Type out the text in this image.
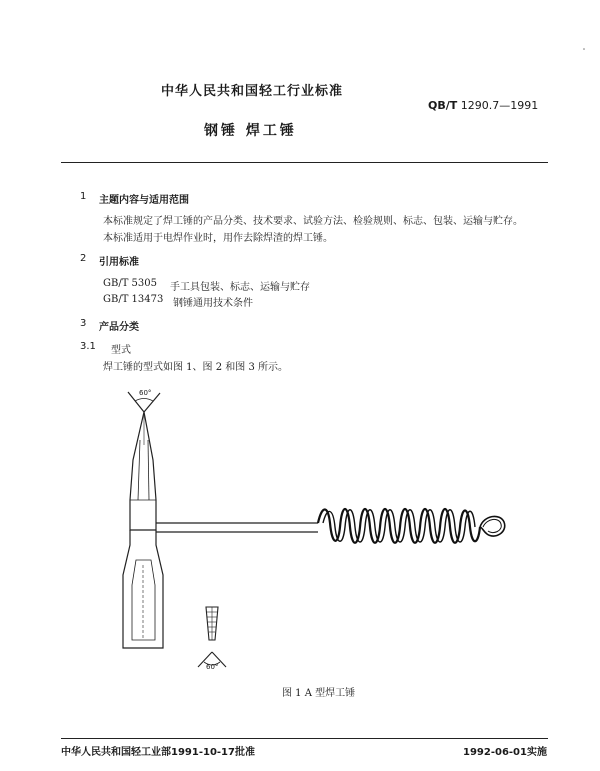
中华人民共和国轻工行业标准
QB/T 1290.7—1991
钢锤 焊工锤
1 主题内容与适用范围
本标准规定了焊工锤的产品分类、技术要求、试验方法、检验规则、标志、包装、运输与贮存。
本标准适用于电焊作业时，用作去除焊渣的焊工锤。
2 引用标准
GB/T 5305 手工具包装、标志、运输与贮存
GB/T 13473 钢锤通用技术条件
3 产品分类
3.1 型式
焊工锤的型式如图 1、图 2 和图 3 所示。
60°
60°
图 1 A 型焊工锤
中华人民共和国轻工业部1991-10-17批准	1992-06-01实施
